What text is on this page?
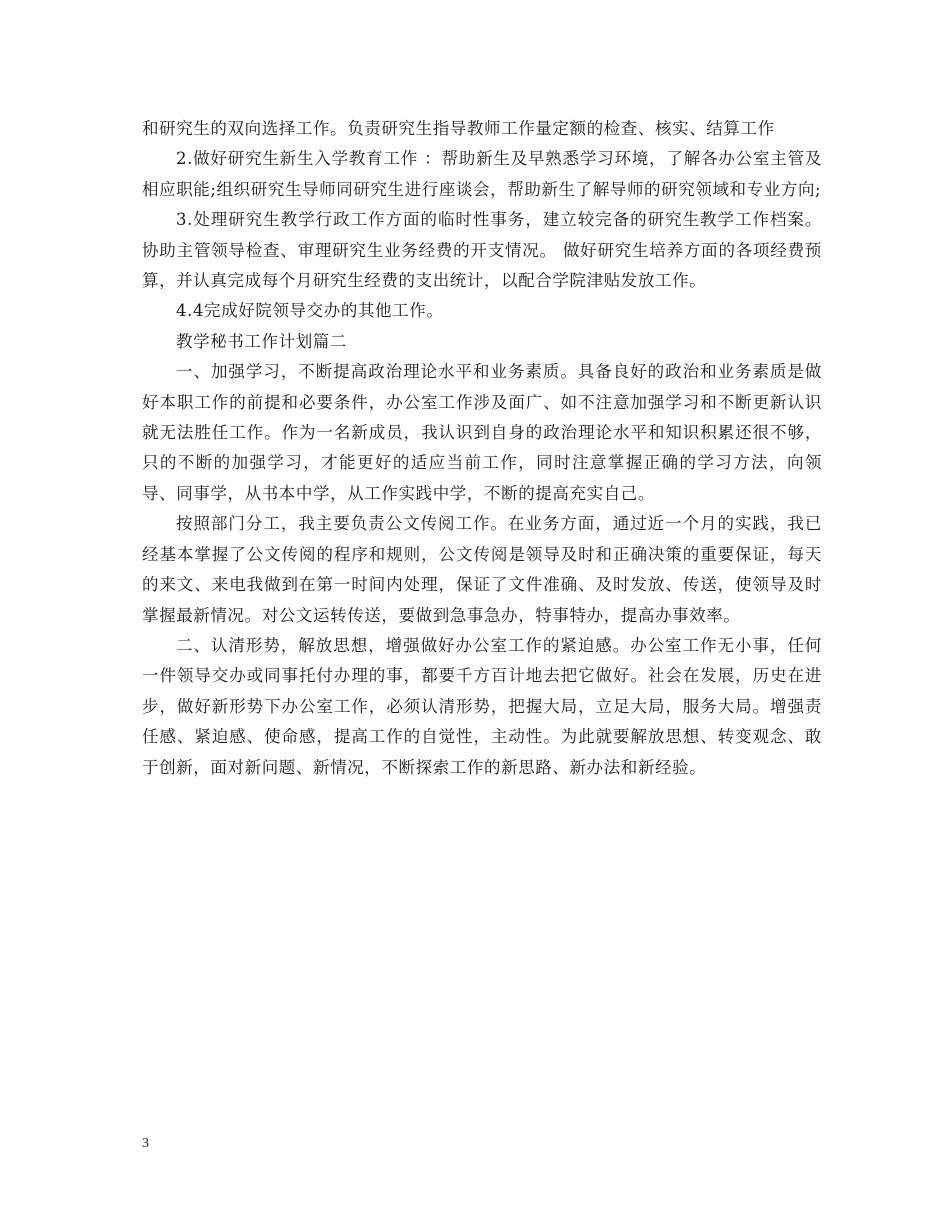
和研究生的双向选择工作。负责研究生指导教师工作量定额的检查、核实、结算工作

2.做好研究生新生入学教育工作 ：帮助新生及早熟悉学习环境，了解各办公室主管及相应职能;组织研究生导师同研究生进行座谈会，帮助新生了解导师的研究领域和专业方向;

3.处理研究生教学行政工作方面的临时性事务，建立较完备的研究生教学工作档案。 协助主管领导检查、审理研究生业务经费的开支情况。 做好研究生培养方面的各项经费预算，并认真完成每个月研究生经费的支出统计，以配合学院津贴发放工作。

4.4完成好院领导交办的其他工作。

教学秘书工作计划篇二

一、加强学习，不断提高政治理论水平和业务素质。具备良好的政治和业务素质是做好本职工作的前提和必要条件，办公室工作涉及面广、如不注意加强学习和不断更新认识就无法胜任工作。作为一名新成员，我认识到自身的政治理论水平和知识积累还很不够，只的不断的加强学习，才能更好的适应当前工作，同时注意掌握正确的学习方法，向领导、同事学，从书本中学，从工作实践中学，不断的提高充实自己。

按照部门分工，我主要负责公文传阅工作。在业务方面，通过近一个月的实践，我已经基本掌握了公文传阅的程序和规则，公文传阅是领导及时和正确决策的重要保证，每天的来文、来电我做到在第一时间内处理，保证了文件准确、及时发放、传送，使领导及时掌握最新情况。对公文运转传送，要做到急事急办，特事特办，提高办事效率。

二、认清形势，解放思想，增强做好办公室工作的紧迫感。办公室工作无小事，任何一件领导交办或同事托付办理的事，都要千方百计地去把它做好。社会在发展，历史在进步，做好新形势下办公室工作，必须认清形势，把握大局，立足大局，服务大局。增强责任感、紧迫感、使命感，提高工作的自觉性，主动性。为此就要解放思想、转变观念、敢于创新，面对新问题、新情况，不断探索工作的新思路、新办法和新经验。

3
